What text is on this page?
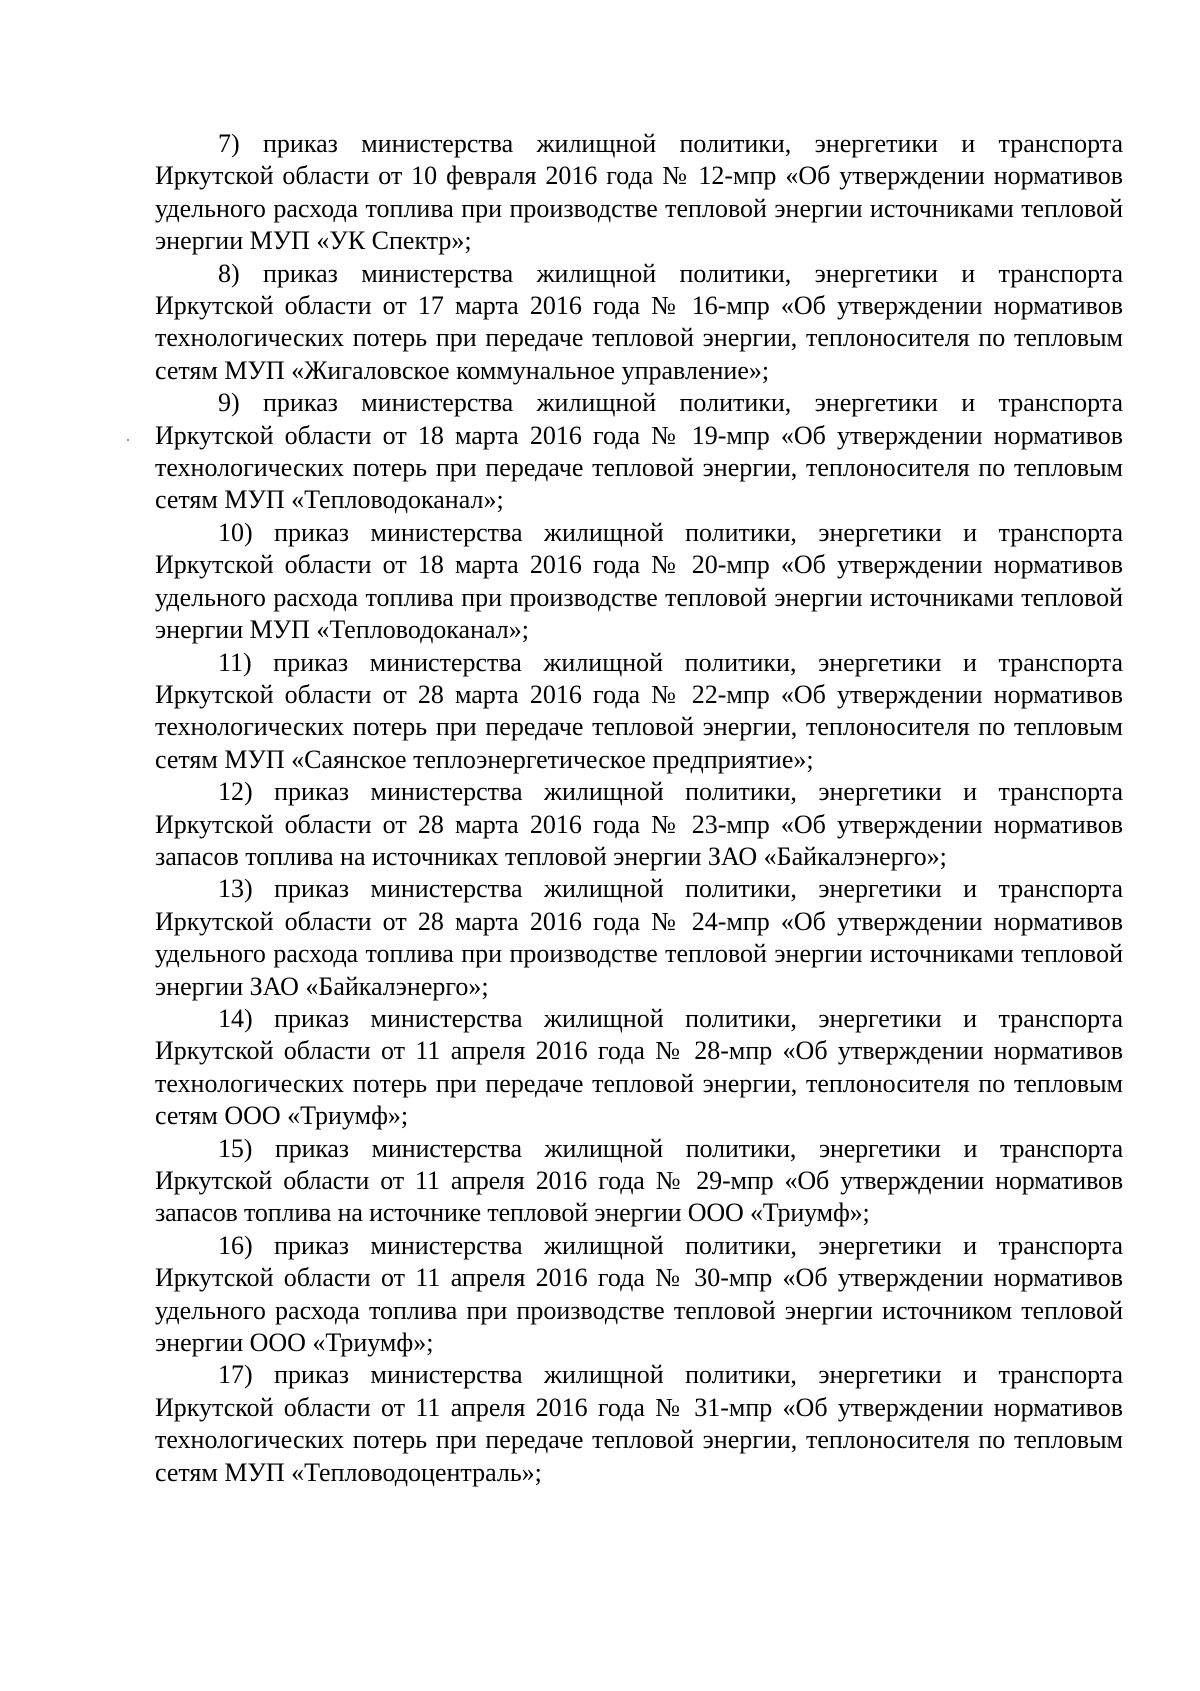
7) приказ министерства жилищной политики, энергетики и транспорта Иркутской области от 10 февраля 2016 года № 12-мпр «Об утверждении нормативов удельного расхода топлива при производстве тепловой энергии источниками тепловой энергии МУП «УК Спектр»;

8) приказ министерства жилищной политики, энергетики и транспорта Иркутской области от 17 марта 2016 года № 16-мпр «Об утверждении нормативов технологических потерь при передаче тепловой энергии, теплоносителя по тепловым сетям МУП «Жигаловское коммунальное управление»;

9) приказ министерства жилищной политики, энергетики и транспорта Иркутской области от 18 марта 2016 года № 19-мпр «Об утверждении нормативов технологических потерь при передаче тепловой энергии, теплоносителя по тепловым сетям МУП «Тепловодоканал»;

10) приказ министерства жилищной политики, энергетики и транспорта Иркутской области от 18 марта 2016 года № 20-мпр «Об утверждении нормативов удельного расхода топлива при производстве тепловой энергии источниками тепловой энергии МУП «Тепловодоканал»;

11) приказ министерства жилищной политики, энергетики и транспорта Иркутской области от 28 марта 2016 года № 22-мпр «Об утверждении нормативов технологических потерь при передаче тепловой энергии, теплоносителя по тепловым сетям МУП «Саянское теплоэнергетическое предприятие»;

12) приказ министерства жилищной политики, энергетики и транспорта Иркутской области от 28 марта 2016 года № 23-мпр «Об утверждении нормативов запасов топлива на источниках тепловой энергии ЗАО «Байкалэнерго»;

13) приказ министерства жилищной политики, энергетики и транспорта Иркутской области от 28 марта 2016 года № 24-мпр «Об утверждении нормативов удельного расхода топлива при производстве тепловой энергии источниками тепловой энергии ЗАО «Байкалэнерго»;

14) приказ министерства жилищной политики, энергетики и транспорта Иркутской области от 11 апреля 2016 года № 28-мпр «Об утверждении нормативов технологических потерь при передаче тепловой энергии, теплоносителя по тепловым сетям ООО «Триумф»;

15) приказ министерства жилищной политики, энергетики и транспорта Иркутской области от 11 апреля 2016 года № 29-мпр «Об утверждении нормативов запасов топлива на источнике тепловой энергии ООО «Триумф»;

16) приказ министерства жилищной политики, энергетики и транспорта Иркутской области от 11 апреля 2016 года № 30-мпр «Об утверждении нормативов удельного расхода топлива при производстве тепловой энергии источником тепловой энергии ООО «Триумф»;

17) приказ министерства жилищной политики, энергетики и транспорта Иркутской области от 11 апреля 2016 года № 31-мпр «Об утверждении нормативов технологических потерь при передаче тепловой энергии, теплоносителя по тепловым сетям МУП «Тепловодоцентраль»;
